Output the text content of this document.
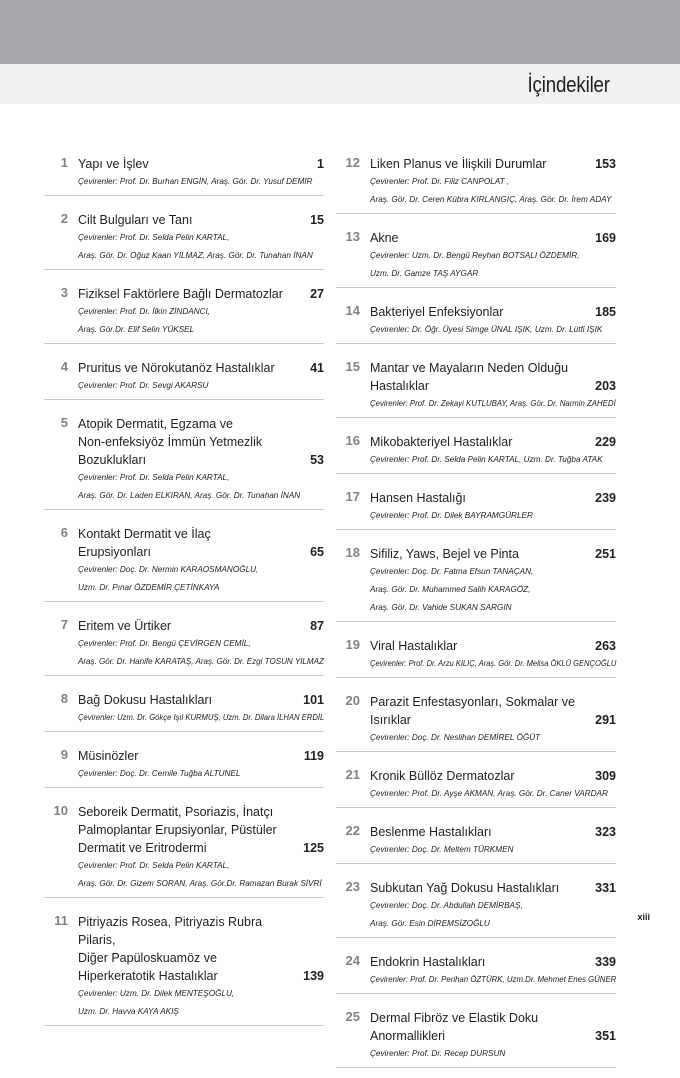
İçindekiler
1 Yapı ve İşlev	1
Çevirenler: Prof. Dr. Burhan ENGİN, Araş. Gör. Dr. Yusuf DEMİR
2 Cilt Bulguları ve Tanı	15
Çevirenler: Prof. Dr. Selda Pelin KARTAL,
Araş. Gör. Dr. Oğuz Kaan YILMAZ, Araş. Gör. Dr. Tunahan İNAN
3 Fiziksel Faktörlere Bağlı Dermatozlar 27
Çevirenler: Prof. Dr. İlkin ZİNDANCI,
Araş. Gör.Dr. Elif Selin YÜKSEL
4 Pruritus ve Nörokutanöz Hastalıklar	41
Çevirenler: Prof. Dr. Sevgi AKARSU
5 Atopik Dermatit, Egzama ve
Non-enfeksiyöz İmmün Yetmezlik
Bozuklukları	53
Çevirenler: Prof. Dr. Selda Pelin KARTAL,
Araş. Gör. Dr. Laden ELKIRAN, Araş. Gör. Dr. Tunahan İNAN
6 Kontakt Dermatit ve İlaç Erupsiyonları	65
Çevirenler: Doç. Dr. Nermin KARAOSMANOĞLU,
Uzm. Dr. Pınar ÖZDEMİR ÇETİNKAYA
7 Eritem ve Ürtiker	87
Çevirenler: Prof. Dr. Bengü ÇEVİRGEN CEMİL,
Araş. Gör. Dr. Hanife KARATAŞ, Araş. Gör. Dr. Ezgi TOSUN YILMAZ
8 Bağ Dokusu Hastalıkları	101
Çevirenler: Uzm. Dr. Gökçe Işıl KURMUŞ, Uzm. Dr. Dilara İLHAN ERDİL
9 Müsinözler	119
Çevirenler: Doç. Dr. Cemile Tuğba ALTUNEL
10 Seboreik Dermatit, Psoriazis, İnatçı
Palmoplantar Erupsiyonlar, Püstüler
Dermatit ve Eritrodermi	125
Çevirenler: Prof. Dr. Selda Pelin KARTAL,
Araş. Gör. Dr. Gizem SORAN, Araş. Gör.Dr. Ramazan Burak SİVRİ
11 Pitriyazis Rosea, Pitriyazis Rubra Pilaris,
Diğer Papüloskuamöz ve
Hiperkeratotik Hastalıklar	139
Çevirenler: Uzm. Dr. Dilek MENTEŞOĞLU,
Uzm. Dr. Havva KAYA AKIŞ
12 Liken Planus ve İlişkili Durumlar	153
Çevirenler: Prof. Dr. Filiz CANPOLAT ,
Araş. Gör. Dr. Ceren Kübra KIRLANGIÇ, Araş. Gör. Dr. İrem ADAY
13 Akne	169
Çevirenler: Uzm. Dr. Bengü Reyhan BOTSALI ÖZDEMİR,
Uzm. Dr. Gamze TAŞ AYGAR
14 Bakteriyel Enfeksiyonlar	185
Çevirenler: Dr. Öğr. Üyesi Simge ÜNAL IŞIK, Uzm. Dr. Lütfi IŞIK
15 Mantar ve Mayaların Neden Olduğu
Hastalıklar	203
Çevirenler: Prof. Dr. Zekayi KUTLUBAY, Araş. Gör. Dr. Narmin ZAHEDİ
16 Mikobakteriyel Hastalıklar	229
Çevirenler: Prof. Dr. Selda Pelin KARTAL, Uzm. Dr. Tuğba ATAK
17 Hansen Hastalığı	239
Çevirenler: Prof. Dr. Dilek BAYRAMGÜRLER
18 Sifiliz, Yaws, Bejel ve Pinta	251
Çevirenler: Doç. Dr. Fatma Efsun TANAÇAN,
Araş. Gör. Dr. Muhammed Salih KARAGÖZ,
Araş. Gör. Dr. Vahide SUKAN SARGIN
19 Viral Hastalıklar	263
Çevirenler: Prof. Dr. Arzu KILIÇ, Araş. Gör. Dr. Melisa ÖKLÜ GENÇOĞLU
20 Parazit Enfestasyonları, Sokmalar ve
Isırıklar	291
Çevirenler: Doç. Dr. Neslihan DEMİREL ÖĞÜT
21 Kronik Büllöz Dermatozlar	309
Çevirenler: Prof. Dr. Ayşe AKMAN, Araş. Gör. Dr. Caner VARDAR
22 Beslenme Hastalıkları	323
Çevirenler: Doç. Dr. Meltem TÜRKMEN
23 Subkutan Yağ Dokusu Hastalıkları	331
Çevirenler: Doç. Dr. Abdullah DEMİRBAŞ,
Araş. Gör. Esin DİREMSİZOĞLU
24 Endokrin Hastalıkları	339
Çevirenler: Prof. Dr. Perihan ÖZTÜRK, Uzm.Dr. Mehmet Enes GÜNER
25 Dermal Fibröz ve Elastik Doku
Anormallikleri	351
Çevirenler: Prof. Dr. Recep DURSUN
xiii
